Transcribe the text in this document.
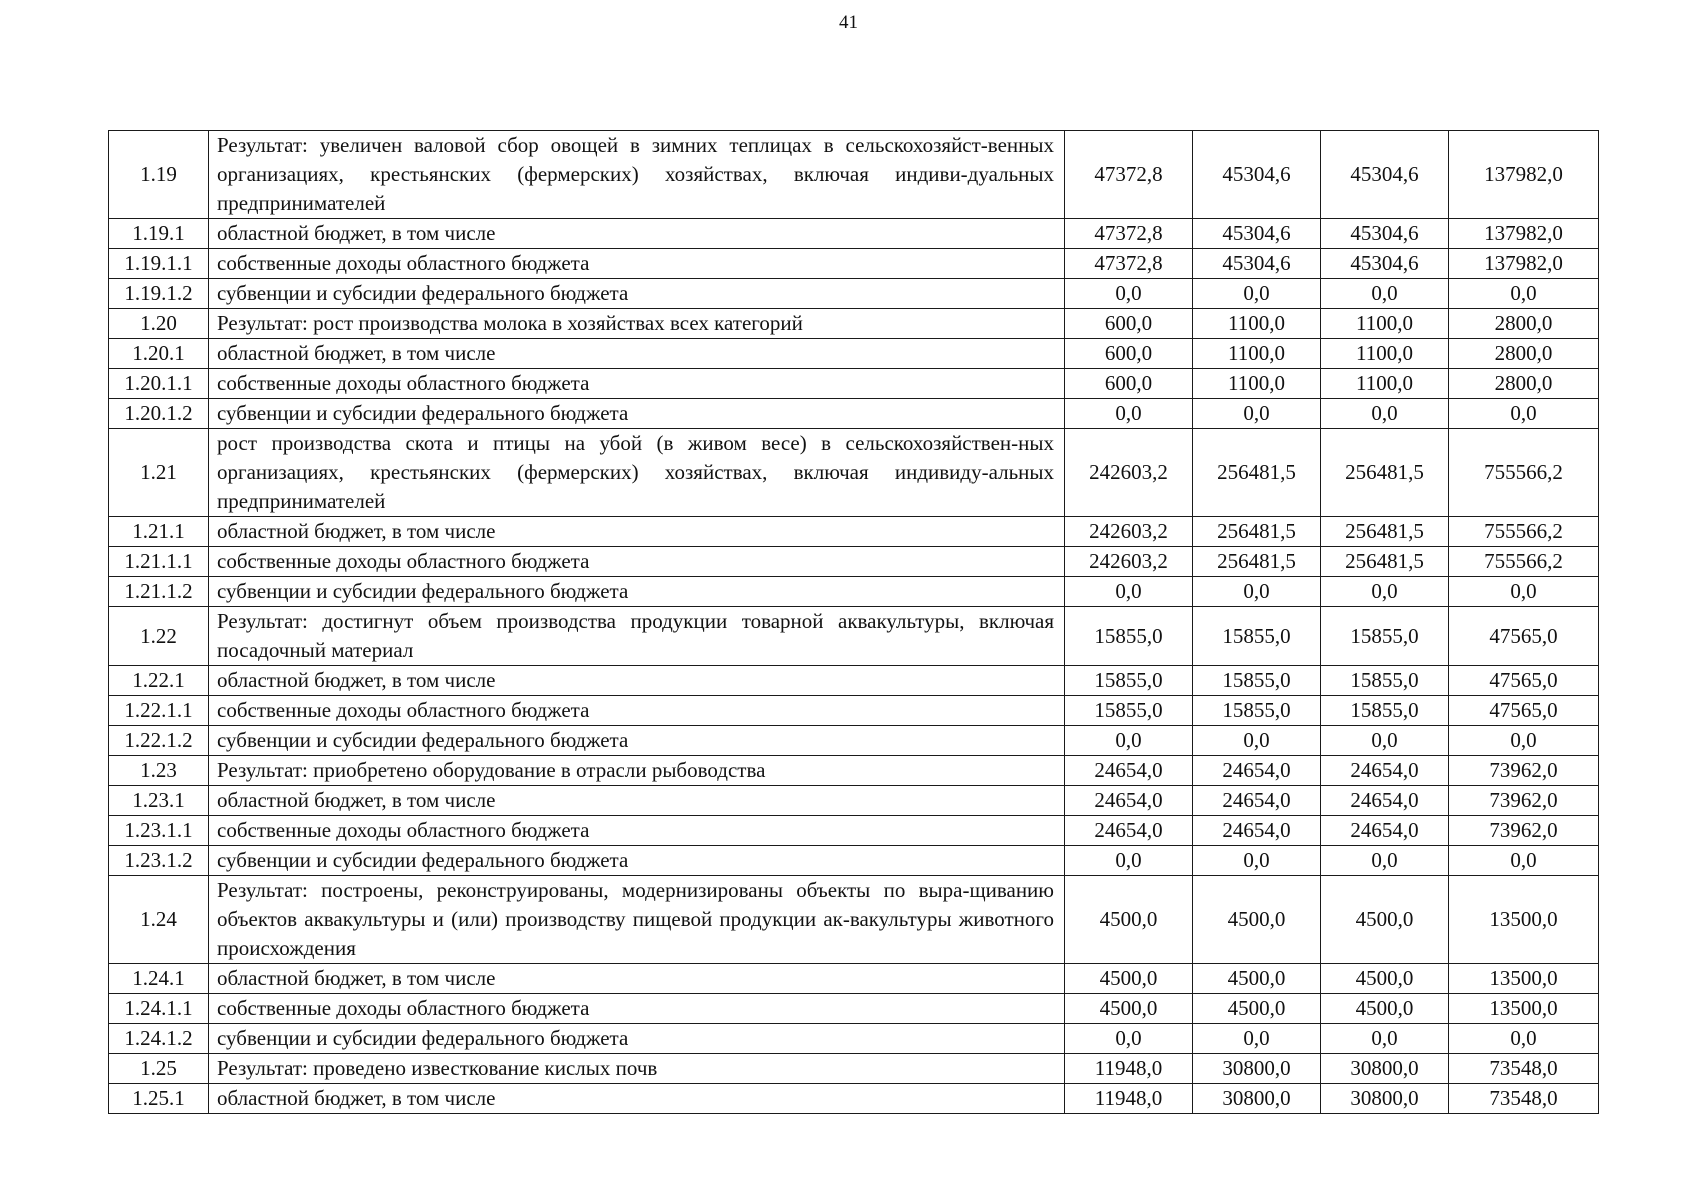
41
1.19	Результат: увеличен валовой сбор овощей в зимних теплицах в сельскохозяйст-венных организациях, крестьянских (фермерских) хозяйствах, включая индиви-дуальных предпринимателей	47372,8	45304,6	45304,6	137982,0
1.19.1	областной бюджет, в том числе	47372,8	45304,6	45304,6	137982,0
1.19.1.1	собственные доходы областного бюджета	47372,8	45304,6	45304,6	137982,0
1.19.1.2	субвенции и субсидии федерального бюджета	0,0	0,0	0,0	0,0
1.20	Результат: рост производства молока в хозяйствах всех категорий	600,0	1100,0	1100,0	2800,0
1.20.1	областной бюджет, в том числе	600,0	1100,0	1100,0	2800,0
1.20.1.1	собственные доходы областного бюджета	600,0	1100,0	1100,0	2800,0
1.20.1.2	субвенции и субсидии федерального бюджета	0,0	0,0	0,0	0,0
1.21	рост производства скота и птицы на убой (в живом весе) в сельскохозяйствен-ных организациях, крестьянских (фермерских) хозяйствах, включая индивиду-альных предпринимателей	242603,2	256481,5	256481,5	755566,2
1.21.1	областной бюджет, в том числе	242603,2	256481,5	256481,5	755566,2
1.21.1.1	собственные доходы областного бюджета	242603,2	256481,5	256481,5	755566,2
1.21.1.2	субвенции и субсидии федерального бюджета	0,0	0,0	0,0	0,0
1.22	Результат: достигнут объем производства продукции товарной аквакультуры, включая посадочный материал	15855,0	15855,0	15855,0	47565,0
1.22.1	областной бюджет, в том числе	15855,0	15855,0	15855,0	47565,0
1.22.1.1	собственные доходы областного бюджета	15855,0	15855,0	15855,0	47565,0
1.22.1.2	субвенции и субсидии федерального бюджета	0,0	0,0	0,0	0,0
1.23	Результат: приобретено оборудование в отрасли рыбоводства	24654,0	24654,0	24654,0	73962,0
1.23.1	областной бюджет, в том числе	24654,0	24654,0	24654,0	73962,0
1.23.1.1	собственные доходы областного бюджета	24654,0	24654,0	24654,0	73962,0
1.23.1.2	субвенции и субсидии федерального бюджета	0,0	0,0	0,0	0,0
1.24	Результат: построены, реконструированы, модернизированы объекты по выра-щиванию объектов аквакультуры и (или) производству пищевой продукции ак-вакультуры животного происхождения	4500,0	4500,0	4500,0	13500,0
1.24.1	областной бюджет, в том числе	4500,0	4500,0	4500,0	13500,0
1.24.1.1	собственные доходы областного бюджета	4500,0	4500,0	4500,0	13500,0
1.24.1.2	субвенции и субсидии федерального бюджета	0,0	0,0	0,0	0,0
1.25	Результат: проведено известкование кислых почв	11948,0	30800,0	30800,0	73548,0
1.25.1	областной бюджет, в том числе	11948,0	30800,0	30800,0	73548,0
